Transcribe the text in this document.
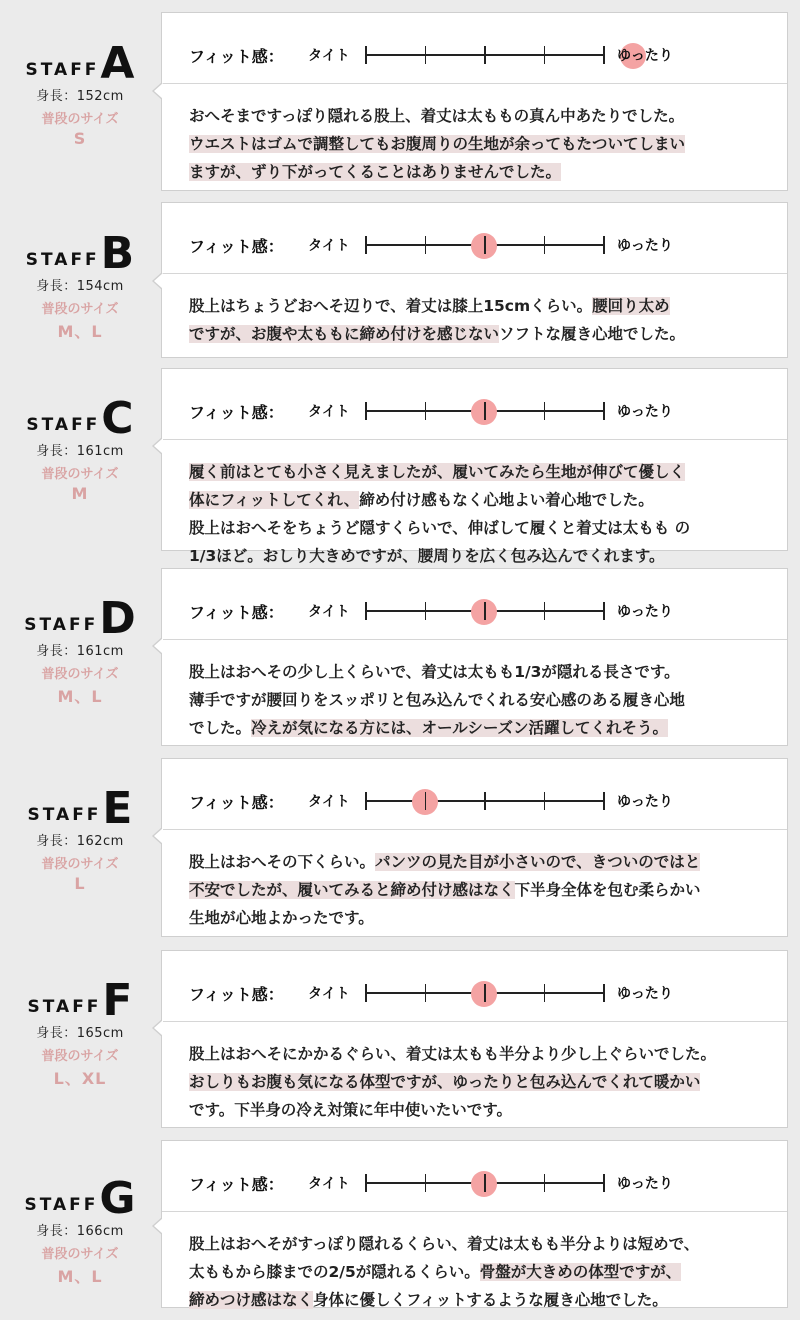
STAFF A
身長：152cm
普段のサイズ
S
フィット感： タイト	ゆったり
おへそまですっぽり隠れる股上、着丈は太ももの真ん中あたりでした。
ウエストはゴムで調整してもお腹周りの生地が余ってもたついてしまい
ますが、ずり下がってくることはありませんでした。
STAFF B
身長：154cm
普段のサイズ
M、L
フィット感： タイト	ゆったり
股上はちょうどおへそ辺りで、着丈は膝上15cmくらい。腰回り太め
ですが、お腹や太ももに締め付けを感じないソフトな履き心地でした。
STAFF C
身長：161cm
普段のサイズ
M
フィット感： タイト	ゆったり
履く前はとても小さく見えましたが、履いてみたら生地が伸びて優しく
体にフィットしてくれ、締め付け感もなく心地よい着心地でした。
股上はおへそをちょうど隠すくらいで、伸ばして履くと着丈は太もも の
1/3ほど。おしり大きめですが、腰周りを広く包み込んでくれます。
STAFF D
身長：161cm
普段のサイズ
M、L
フィット感： タイト	ゆったり
股上はおへその少し上くらいで、着丈は太もも1/3が隠れる長さです。
薄手ですが腰回りをスッポリと包み込んでくれる安心感のある履き心地
でした。冷えが気になる方には、オールシーズン活躍してくれそう。
STAFF E
身長：162cm
普段のサイズ
L
フィット感： タイト	ゆったり
股上はおへその下くらい。パンツの見た目が小さいので、きついのではと
不安でしたが、履いてみると締め付け感はなく下半身全体を包む柔らかい
生地が心地よかったです。
STAFF F
身長：165cm
普段のサイズ
L、XL
フィット感： タイト	ゆったり
股上はおへそにかかるぐらい、着丈は太もも半分より少し上ぐらいでした。
おしりもお腹も気になる体型ですが、ゆったりと包み込んでくれて暖かい
です。下半身の冷え対策に年中使いたいです。
STAFF G
身長：166cm
普段のサイズ
M、L
フィット感： タイト	ゆったり
股上はおへそがすっぽり隠れるくらい、着丈は太もも半分よりは短めで、
太ももから膝までの2/5が隠れるくらい。骨盤が大きめの体型ですが、
締めつけ感はなく身体に優しくフィットするような履き心地でした。
